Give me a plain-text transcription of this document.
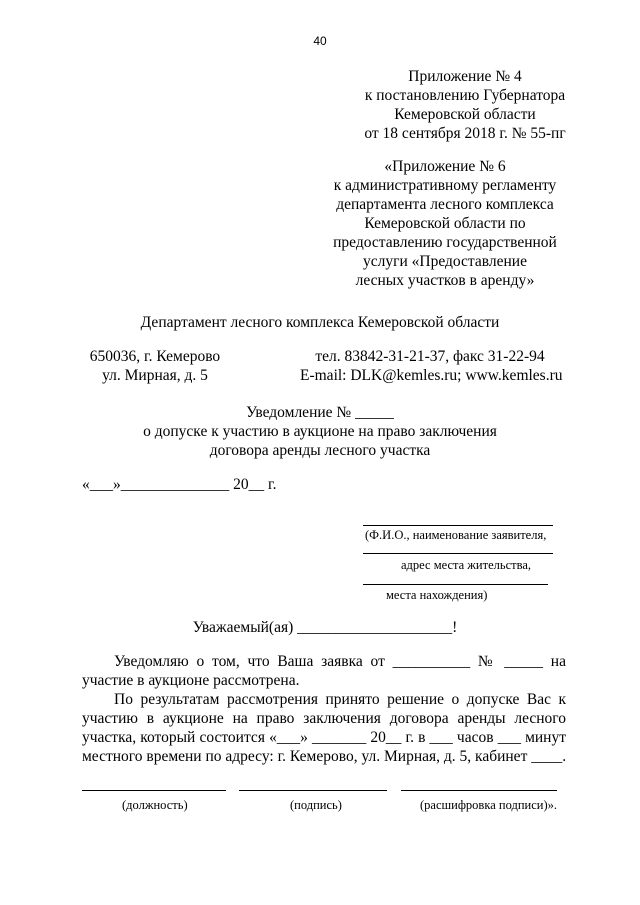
40
Приложение № 4
к постановлению Губернатора
Кемеровской области
от 18 сентября 2018 г. № 55-пг
«Приложение № 6
к административному регламенту
департамента лесного комплекса
Кемеровской области по
предоставлению государственной
услуги «Предоставление
лесных участков в аренду»
Департамент лесного комплекса Кемеровской области
650036, г. Кемерово
ул. Мирная, д. 5
тел. 83842-31-21-37, факс 31-22-94
E-mail: DLK@kemles.ru; www.kemles.ru
Уведомление № _____
о допуске к участию в аукционе на право заключения
договора аренды лесного участка
«___»______________ 20__ г.
(Ф.И.О., наименование заявителя,
адрес места жительства,
места нахождения)
Уважаемый(ая) ____________________!
Уведомляю о том, что Ваша заявка от __________ № _____ на
участие в аукционе рассмотрена.
По результатам рассмотрения принято решение о допуске Вас к
участию в аукционе на право заключения договора аренды лесного
участка, который состоится «___» _______ 20__ г. в ___ часов ___ минут
местного времени по адресу: г. Кемерово, ул. Мирная, д. 5, кабинет ____.
(должность)	(подпись)	(расшифровка подписи)».
